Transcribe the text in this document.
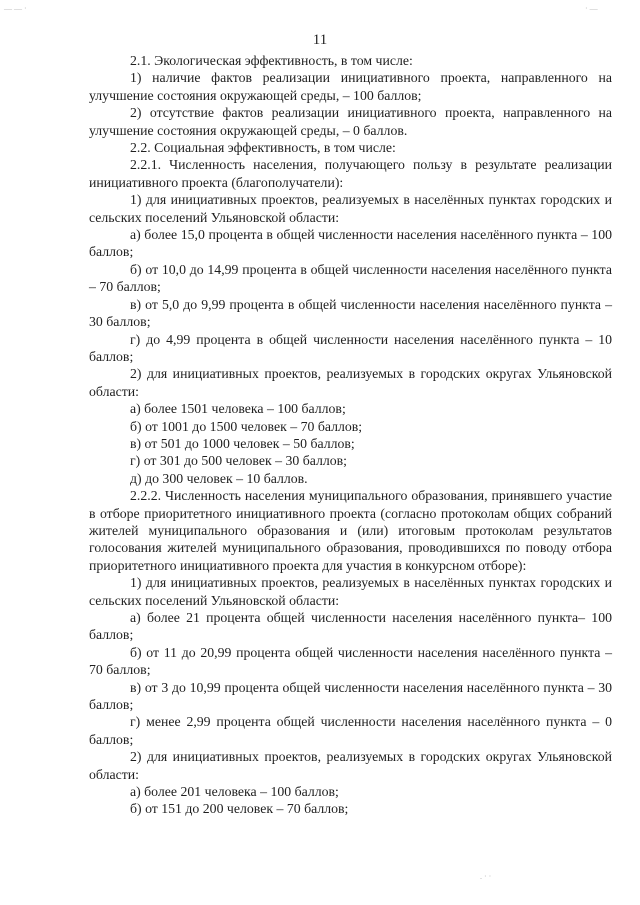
11

2.1. Экологическая эффективность, в том числе:

1) наличие фактов реализации инициативного проекта, направленного на улучшение состояния окружающей среды, – 100 баллов;

2) отсутствие фактов реализации инициативного проекта, направленного на улучшение состояния окружающей среды, – 0 баллов.

2.2. Социальная эффективность, в том числе:

2.2.1. Численность населения, получающего пользу в результате реализации инициативного проекта (благополучатели):

1) для инициативных проектов, реализуемых в населённых пунктах городских и сельских поселений Ульяновской области:

а) более 15,0 процента в общей численности населения населённого пункта – 100 баллов;

б) от 10,0 до 14,99 процента в общей численности населения населённого пункта – 70 баллов;

в) от 5,0 до 9,99 процента в общей численности населения населённого пункта – 30 баллов;

г) до 4,99 процента в общей численности населения населённого пункта – 10 баллов;

2) для инициативных проектов, реализуемых в городских округах Ульяновской области:

а) более 1501 человека – 100 баллов;

б) от 1001 до 1500 человек – 70 баллов;

в) от 501 до 1000 человек – 50 баллов;

г) от 301 до 500 человек – 30 баллов;

д) до 300 человек – 10 баллов.

2.2.2. Численность населения муниципального образования, принявшего участие в отборе приоритетного инициативного проекта (согласно протоколам общих собраний жителей муниципального образования и (или) итоговым протоколам результатов голосования жителей муниципального образования, проводившихся по поводу отбора приоритетного инициативного проекта для участия в конкурсном отборе):

1) для инициативных проектов, реализуемых в населённых пунктах городских и сельских поселений Ульяновской области:

а) более 21 процента общей численности населения населённого пункта– 100 баллов;

б) от 11 до 20,99 процента общей численности населения населённого пункта – 70 баллов;

в) от 3 до 10,99 процента общей численности населения населённого пункта – 30 баллов;

г) менее 2,99 процента общей численности населения населённого пункта – 0 баллов;

2) для инициативных проектов, реализуемых в городских округах Ульяновской области:

а) более 201 человека – 100 баллов;

б) от 151 до 200 человек – 70 баллов;

— — ·	· —
. · ·
